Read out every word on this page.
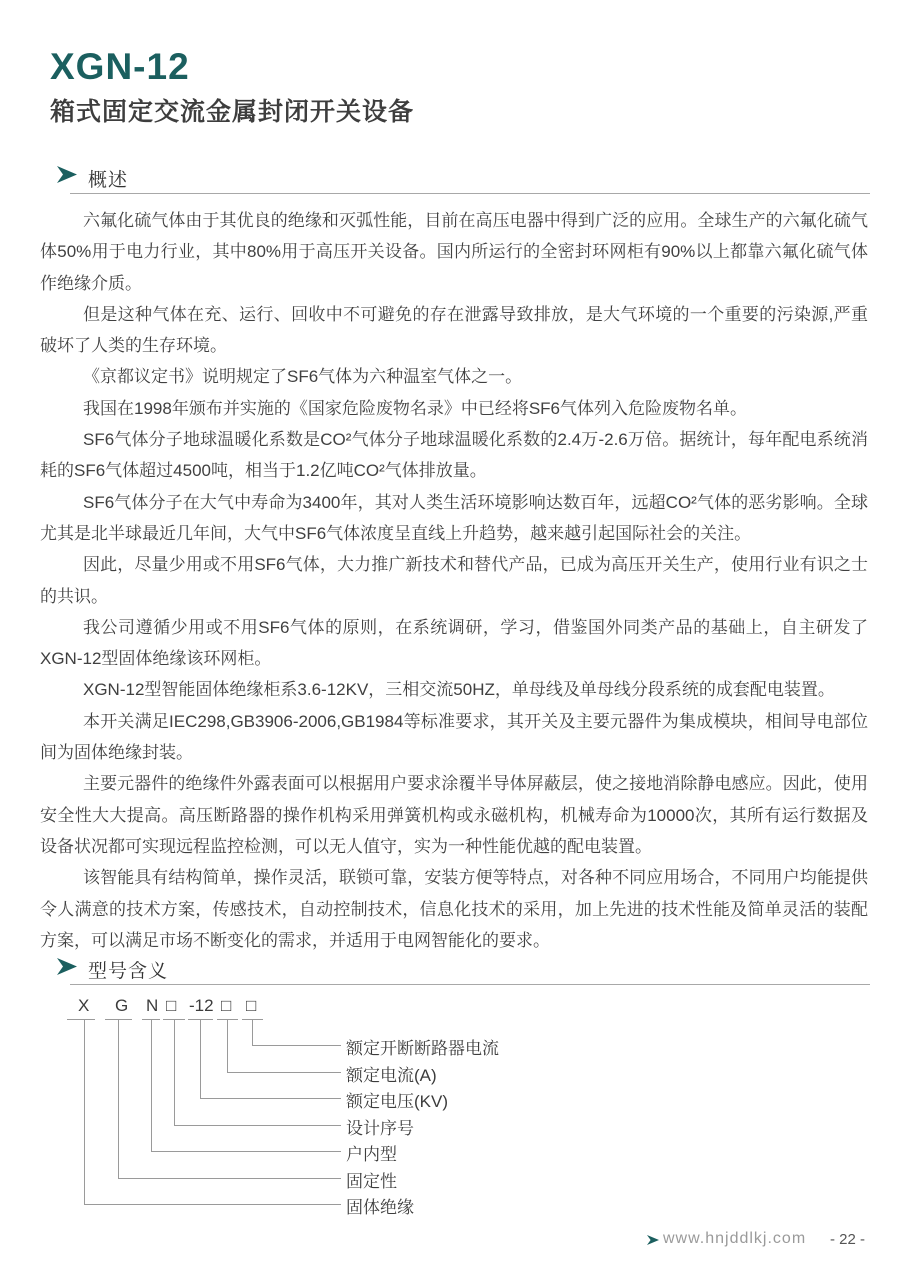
XGN-12
箱式固定交流金属封闭开关设备
概述

六氟化硫气体由于其优良的绝缘和灭弧性能，目前在高压电器中得到广泛的应用。全球生产的六氟化硫气体50%用于电力行业，其中80%用于高压开关设备。国内所运行的全密封环网柜有90%以上都靠六氟化硫气体作绝缘介质。

但是这种气体在充、运行、回收中不可避免的存在泄露导致排放，是大气环境的一个重要的污染源,严重破坏了人类的生存环境。

《京都议定书》说明规定了SF6气体为六种温室气体之一。

我国在1998年颁布并实施的《国家危险废物名录》中已经将SF6气体列入危险废物名单。

SF6气体分子地球温暖化系数是CO²气体分子地球温暖化系数的2.4万-2.6万倍。据统计，每年配电系统消耗的SF6气体超过4500吨，相当于1.2亿吨CO²气体排放量。

SF6气体分子在大气中寿命为3400年，其对人类生活环境影响达数百年，远超CO²气体的恶劣影响。全球尤其是北半球最近几年间，大气中SF6气体浓度呈直线上升趋势，越来越引起国际社会的关注。

因此，尽量少用或不用SF6气体，大力推广新技术和替代产品，已成为高压开关生产，使用行业有识之士的共识。

我公司遵循少用或不用SF6气体的原则，在系统调研，学习，借鉴国外同类产品的基础上，自主研发了XGN-12型固体绝缘该环网柜。

XGN-12型智能固体绝缘柜系3.6-12KV，三相交流50HZ，单母线及单母线分段系统的成套配电装置。

本开关满足IEC298,GB3906-2006,GB1984等标准要求，其开关及主要元器件为集成模块，相间导电部位间为固体绝缘封装。

主要元器件的绝缘件外露表面可以根据用户要求涂覆半导体屏蔽层，使之接地消除静电感应。因此，使用安全性大大提高。高压断路器的操作机构采用弹簧机构或永磁机构，机械寿命为10000次，其所有运行数据及设备状况都可实现远程监控检测，可以无人值守，实为一种性能优越的配电装置。

该智能具有结构简单，操作灵活，联锁可靠，安装方便等特点，对各种不同应用场合，不同用户均能提供令人满意的技术方案，传感技术，自动控制技术，信息化技术的采用，加上先进的技术性能及简单灵活的装配方案，可以满足市场不断变化的需求，并适用于电网智能化的要求。

型号含义
X G N □ -12 □ □
额定开断断路器电流
额定电流(A)
额定电压(KV)
设计序号
户内型
固定性
固体绝缘
www.hnjddlkj.com - 22 -
